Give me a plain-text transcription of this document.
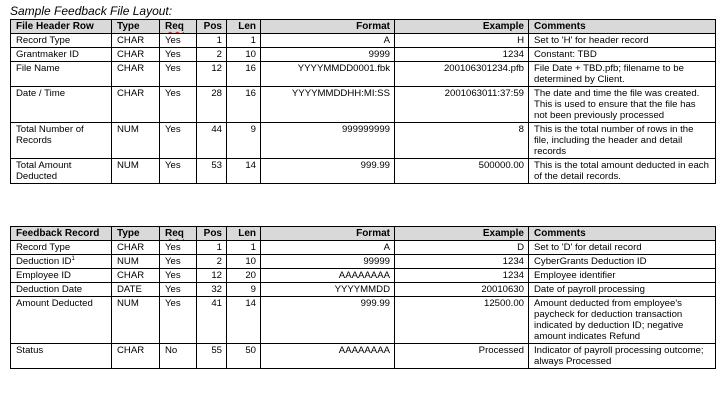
Sample Feedback File Layout:
File Header Row	Type	Req	Pos	Len	Format	Example	Comments
Record Type	CHAR	Yes	1	1	A	H	Set to 'H' for header record
Grantmaker ID	CHAR	Yes	2	10	9999	1234	Constant: TBD
File Name	CHAR	Yes	12	16	YYYYMMDD0001.fbk	200106301234.pfb	File Date + TBD.pfb; filename to be determined by Client.
Date / Time	CHAR	Yes	28	16	YYYYMMDDHH:MI:SS	2001063011:37:59	The date and time the file was created. This is used to ensure that the file has not been previously processed
Total Number of Records	NUM	Yes	44	9	999999999	8	This is the total number of rows in the file, including the header and detail records
Total Amount Deducted	NUM	Yes	53	14	999.99	500000.00	This is the total amount deducted in each of the detail records.
Feedback Record	Type	Req	Pos	Len	Format	Example	Comments
Record Type	CHAR	Yes	1	1	A	D	Set to 'D' for detail record
Deduction $ID^1$	NUM	Yes	2	10	99999	1234	CyberGrants Deduction ID
Employee ID	CHAR	Yes	12	20	AAAAAAAA	1234	Employee identifier
Deduction Date	DATE	Yes	32	9	YYYYMMDD	20010630	Date of payroll processing
Amount Deducted	NUM	Yes	41	14	999.99	12500.00	Amount deducted from employee's paycheck for deduction transaction indicated by deduction ID; negative amount indicates Refund
Status	CHAR	No	55	50	AAAAAAAA	Processed	Indicator of payroll processing outcome; always Processed
